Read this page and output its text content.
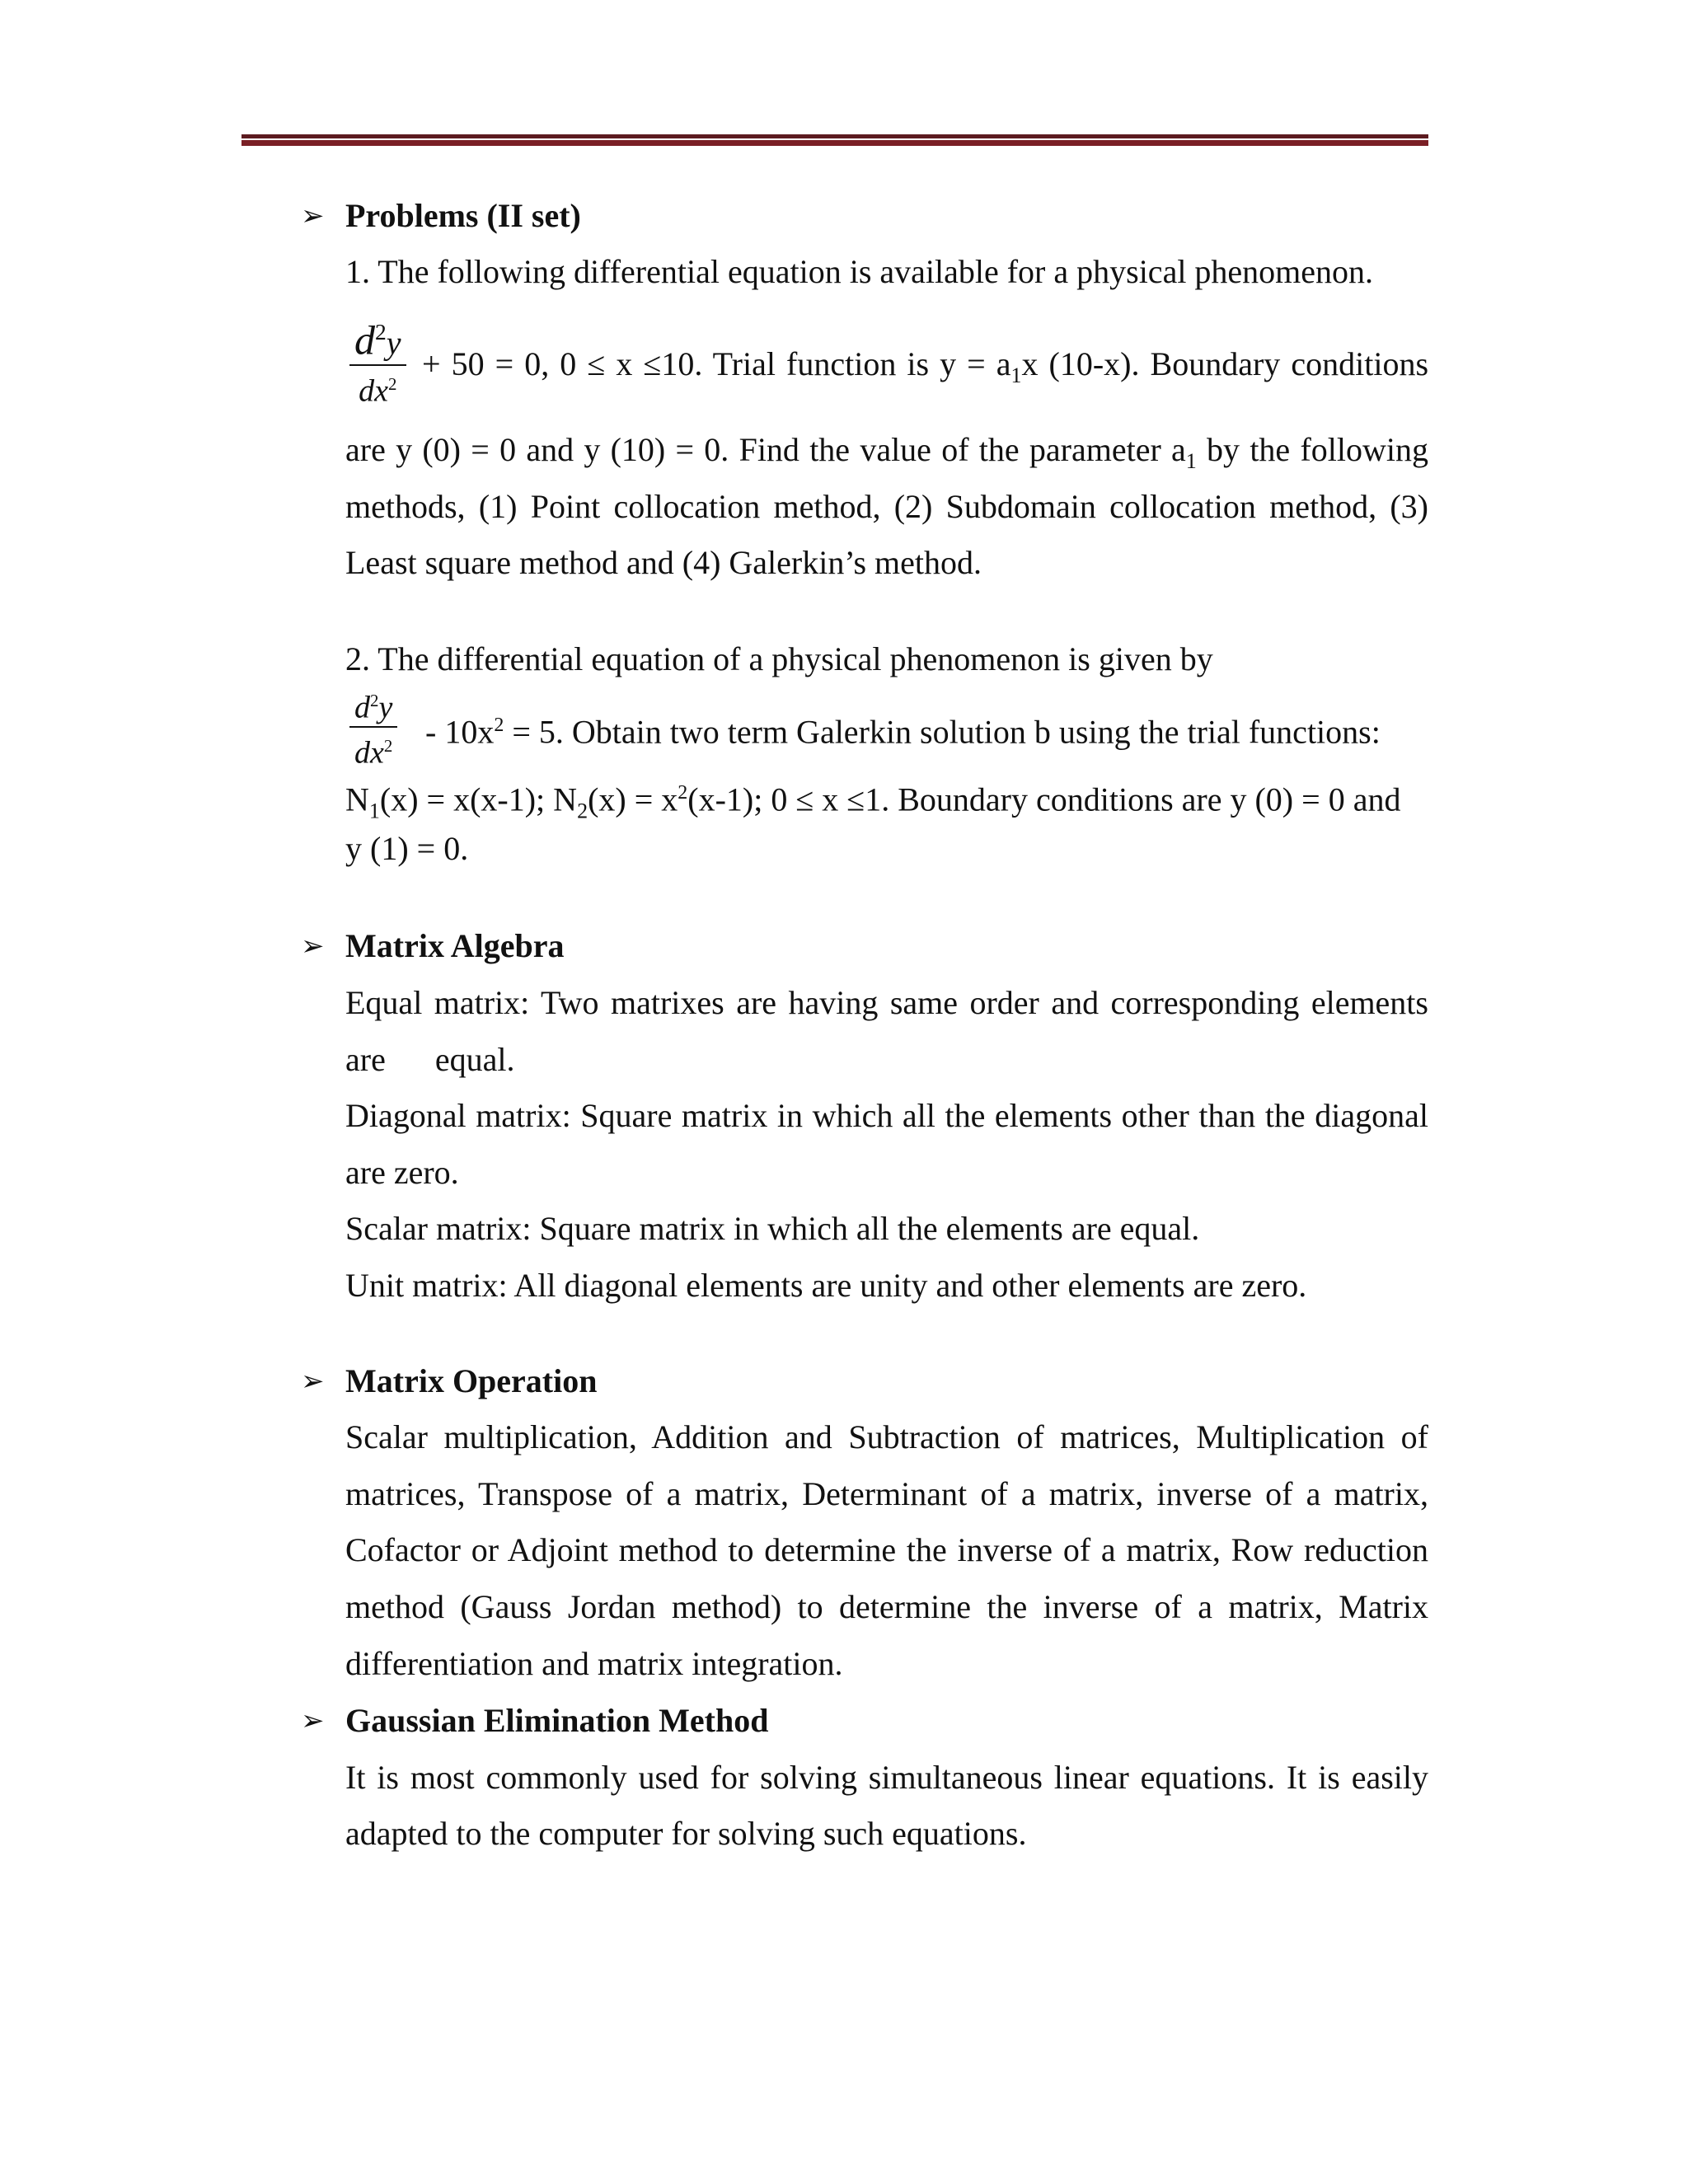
➢ Problems (II set)
1. The following differential equation is available for a physical phenomenon.
$d^2y$
$dx^2$
+ 50 = 0, 0 ≤ x ≤10. Trial function is $y = a_1x$ (10-x). Boundary conditions
are y (0) = 0 and y (10) = 0. Find the value of the parameter $a_1$ by the following
methods, (1) Point collocation method, (2) Subdomain collocation method, (3)
Least square method and (4) Galerkin’s method.
2. The differential equation of a physical phenomenon is given by
$d^2y$
$dx^2 - 10x^2 = 5$. Obtain two term Galerkin solution b using the trial functions:
$N_1(x) = x(x-1)$; $N_2(x) = x^2(x-1)$; 0 ≤ x ≤1. Boundary conditions are y (0) = 0 and
y (1) = 0.
➢ Matrix Algebra
Equal matrix: Two matrixes are having same order and corresponding elements
are      equal.
Diagonal matrix: Square matrix in which all the elements other than the diagonal
are zero.
Scalar matrix: Square matrix in which all the elements are equal.
Unit matrix: All diagonal elements are unity and other elements are zero.
➢ Matrix Operation
Scalar multiplication, Addition and Subtraction of matrices, Multiplication of
matrices, Transpose of a matrix, Determinant of a matrix, inverse of a matrix,
Cofactor or Adjoint method to determine the inverse of a matrix, Row reduction
method (Gauss Jordan method) to determine the inverse of a matrix, Matrix
differentiation and matrix integration.
➢ Gaussian Elimination Method
It is most commonly used for solving simultaneous linear equations. It is easily
adapted to the computer for solving such equations.
